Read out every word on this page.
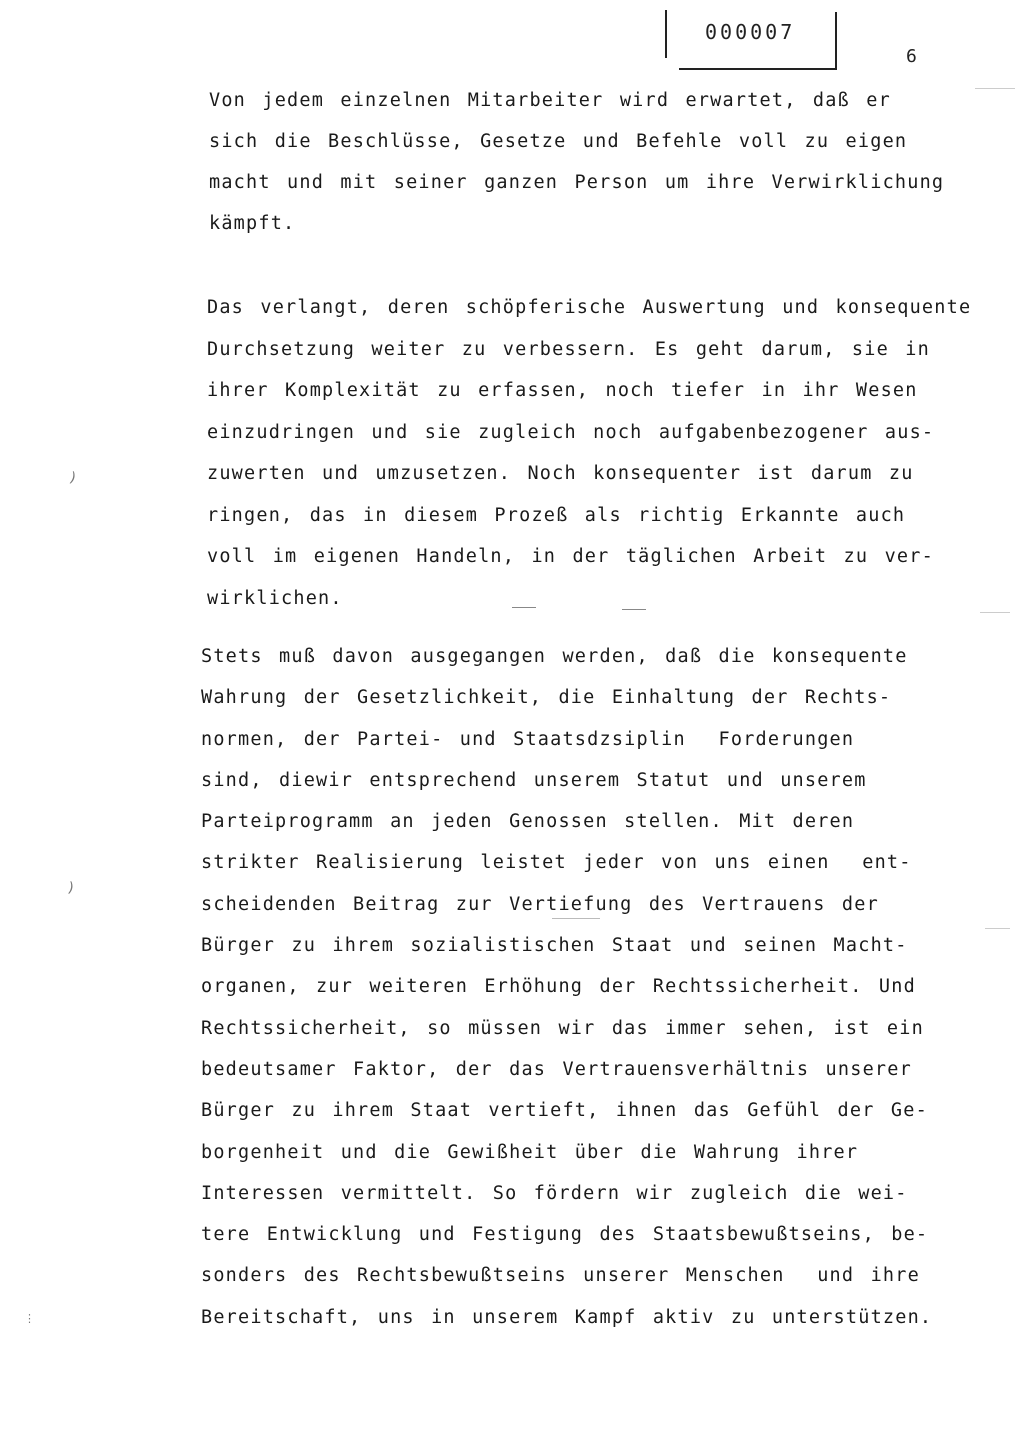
000007
6
Von jedem einzelnen Mitarbeiter wird erwartet, daß er
sich die Beschlüsse, Gesetze und Befehle voll zu eigen
macht und mit seiner ganzen Person um ihre Verwirklichung
kämpft.
Das verlangt, deren schöpferische Auswertung und konsequente
Durchsetzung weiter zu verbessern. Es geht darum, sie in
ihrer Komplexität zu erfassen, noch tiefer in ihr Wesen
einzudringen und sie zugleich noch aufgabenbezogener aus-
zuwerten und umzusetzen. Noch konsequenter ist darum zu
ringen, das in diesem Prozeß als richtig Erkannte auch
voll im eigenen Handeln, in der täglichen Arbeit zu ver-
wirklichen.
Stets muß davon ausgegangen werden, daß die konsequente
Wahrung der Gesetzlichkeit, die Einhaltung der Rechts-
normen, der Partei- und Staatsdzsiplin  Forderungen
sind, diewir entsprechend unserem Statut und unserem
Parteiprogramm an jeden Genossen stellen. Mit deren
strikter Realisierung leistet jeder von uns einen  ent-
scheidenden Beitrag zur Vertiefung des Vertrauens der
Bürger zu ihrem sozialistischen Staat und seinen Macht-
organen, zur weiteren Erhöhung der Rechtssicherheit. Und
Rechtssicherheit, so müssen wir das immer sehen, ist ein
bedeutsamer Faktor, der das Vertrauensverhältnis unserer
Bürger zu ihrem Staat vertieft, ihnen das Gefühl der Ge-
borgenheit und die Gewißheit über die Wahrung ihrer
Interessen vermittelt. So fördern wir zugleich die wei-
tere Entwicklung und Festigung des Staatsbewußtseins, be-
sonders des Rechtsbewußtseins unserer Menschen  und ihre
Bereitschaft, uns in unserem Kampf aktiv zu unterstützen.
)
)
⋮
